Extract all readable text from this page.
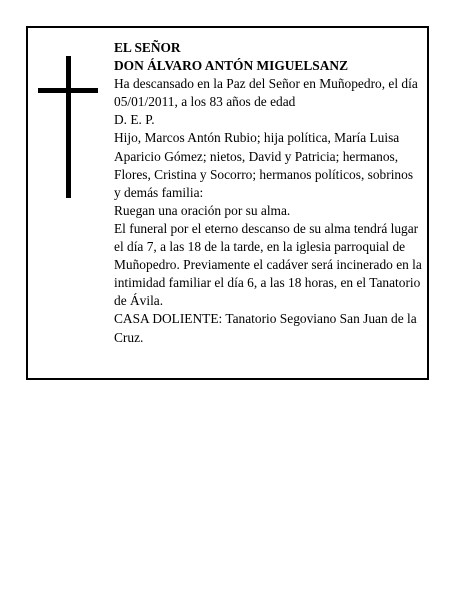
EL SEÑOR

DON ÁLVARO ANTÓN MIGUELSANZ

Ha descansado en la Paz del Señor en Muñopedro, el día 05/01/2011, a los 83 años de edad

D. E. P.

Hijo, Marcos Antón Rubio; hija política, María Luisa Aparicio Gómez; nietos, David y Patricia; hermanos, Flores, Cristina y Socorro; hermanos políticos, sobrinos y demás familia:

Ruegan una oración por su alma.

El funeral por el eterno descanso de su alma tendrá lugar el día 7, a las 18 de la tarde, en la iglesia parroquial de Muñopedro. Previamente el cadáver será incinerado en la intimidad familiar el día 6, a las 18 horas, en el Tanatorio de Ávila.

CASA DOLIENTE: Tanatorio Segoviano San Juan de la Cruz.
